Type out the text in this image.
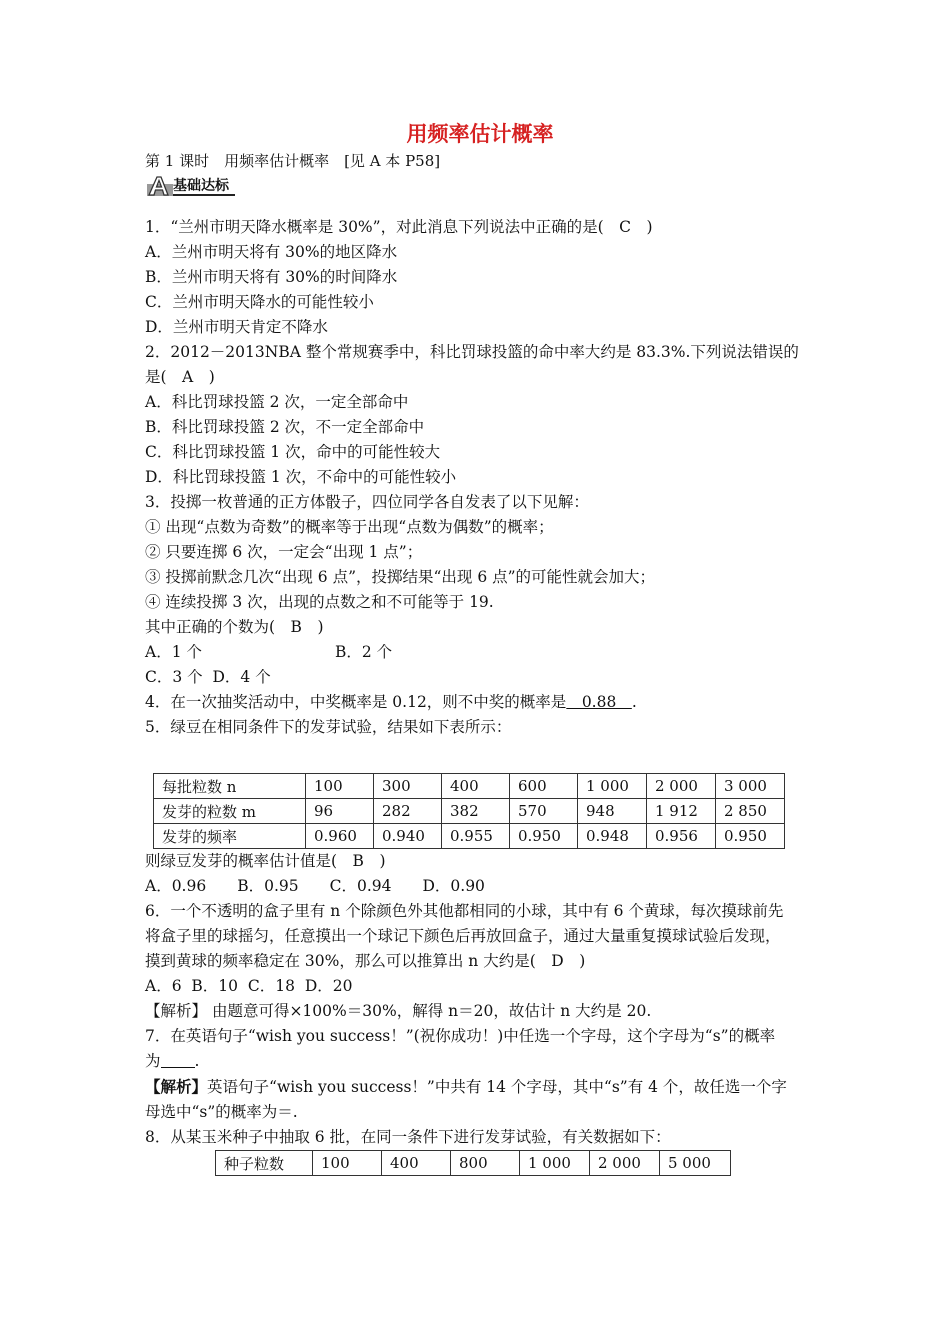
用频率估计概率
第 1 课时　用频率估计概率　[见 A 本 P58]
基础达标
1．“兰州市明天降水概率是 30%”，对此消息下列说法中正确的是(　C　)
A．兰州市明天将有 30%的地区降水
B．兰州市明天将有 30%的时间降水
C．兰州市明天降水的可能性较小
D．兰州市明天肯定不降水
2．2012－2013NBA 整个常规赛季中，科比罚球投篮的命中率大约是 83.3%.下列说法错误的
是(　A　)
A．科比罚球投篮 2 次，一定全部命中
B．科比罚球投篮 2 次，不一定全部命中
C．科比罚球投篮 1 次，命中的可能性较大
D．科比罚球投篮 1 次，不命中的可能性较小
3．投掷一枚普通的正方体骰子，四位同学各自发表了以下见解：
① 出现“点数为奇数”的概率等于出现“点数为偶数”的概率；
② 只要连掷 6 次，一定会“出现 1 点”；
③ 投掷前默念几次“出现 6 点”，投掷结果“出现 6 点”的可能性就会加大；
④ 连续投掷 3 次，出现的点数之和不可能等于 19.
其中正确的个数为(　B　)
A．1 个	B．2 个
C．3 个  D．4 个
4．在一次抽奖活动中，中奖概率是 0.12，则不中奖的概率是　0.88　.
5．绿豆在相同条件下的发芽试验，结果如下表所示：
每批粒数 n	100	300	400	600	1 000	2 000	3 000
发芽的粒数 m	96	282	382	570	948	1 912	2 850
发芽的频率	0.960	0.940	0.955	0.950	0.948	0.956	0.950
则绿豆发芽的概率估计值是(　B　)
A．0.96　　B．0.95　　C．0.94　　D．0.90
6．一个不透明的盒子里有 n 个除颜色外其他都相同的小球，其中有 6 个黄球，每次摸球前先
将盒子里的球摇匀，任意摸出一个球记下颜色后再放回盒子，通过大量重复摸球试验后发现，
摸到黄球的频率稳定在 30%，那么可以推算出 n 大约是(　D　)
A．6  B．10  C．18  D．20
【解析】 由题意可得×100%＝30%，解得 n＝20，故估计 n 大约是 20.
7．在英语句子“wish you success！”(祝你成功！)中任选一个字母，这个字母为“s”的概率
为 .
【解析】英语句子“wish you success！”中共有 14 个字母，其中“s”有 4 个，故任选一个字
母选中“s”的概率为＝.
8．从某玉米种子中抽取 6 批，在同一条件下进行发芽试验，有关数据如下：
种子粒数	100	400	800	1 000	2 000	5 000
